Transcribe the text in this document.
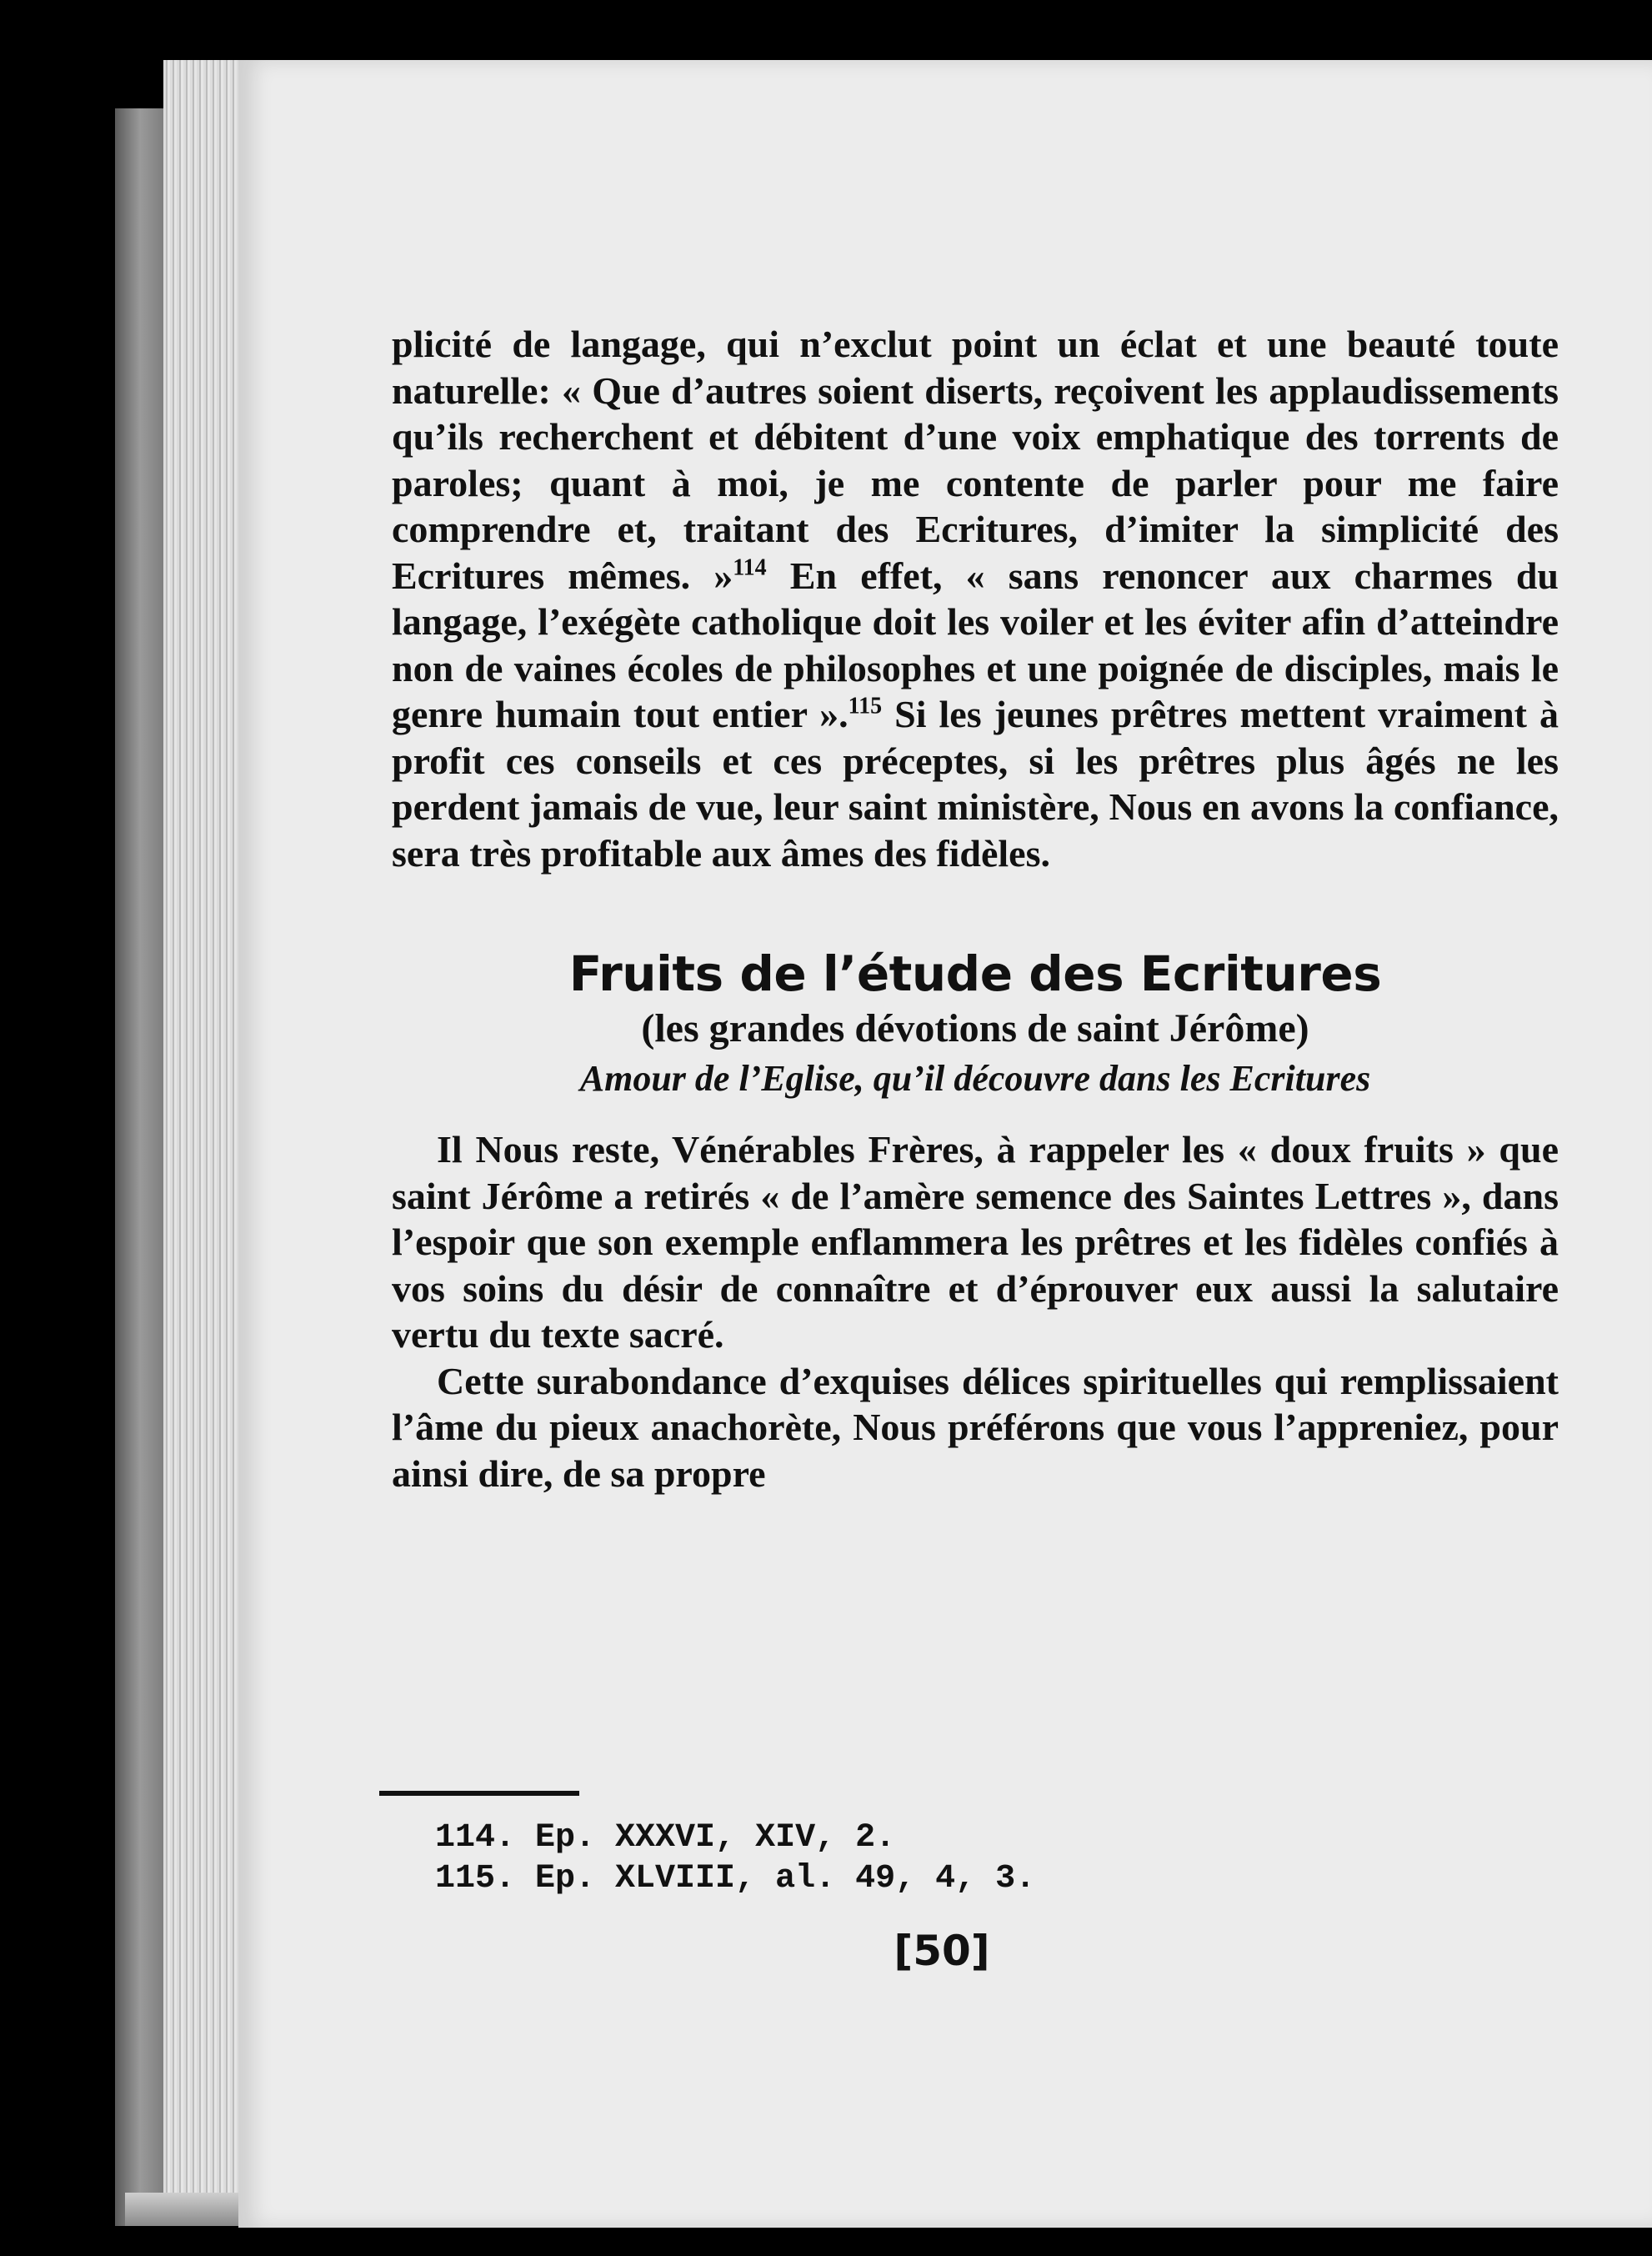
plicité de langage, qui n’exclut point un éclat et une beauté toute naturelle: « Que d’autres soient diserts, reçoivent les applaudissements qu’ils recherchent et débitent d’une voix emphatique des torrents de paroles; quant à moi, je me contente de parler pour me faire comprendre et, traitant des Ecritures, d’imiter la simplicité des Ecritures mêmes. »$^{114}$ En effet, « sans renoncer aux charmes du langage, l’exégète catholique doit les voiler et les éviter afin d’atteindre non de vaines écoles de philosophes et une poignée de disciples, mais le genre humain tout entier ».$^{115}$ Si les jeunes prêtres mettent vraiment à profit ces conseils et ces préceptes, si les prêtres plus âgés ne les perdent jamais de vue, leur saint ministère, Nous en avons la confiance, sera très profitable aux âmes des fidèles.

Fruits de l’étude des Ecritures

(les grandes dévotions de saint Jérôme)

Amour de l’Eglise, qu’il découvre dans les Ecritures

Il Nous reste, Vénérables Frères, à rappeler les « doux fruits » que saint Jérôme a retirés « de l’amère semence des Saintes Lettres », dans l’espoir que son exemple enflammera les prêtres et les fidèles confiés à vos soins du désir de connaître et d’éprouver eux aussi la salutaire vertu du texte sacré.

Cette surabondance d’exquises délices spirituelles qui remplissaient l’âme du pieux anachorète, Nous préférons que vous l’appreniez, pour ainsi dire, de sa propre

114. Ep. XXXVI, XIV, 2.
115. Ep. XLVIII, al. 49, 4, 3.
[50]
